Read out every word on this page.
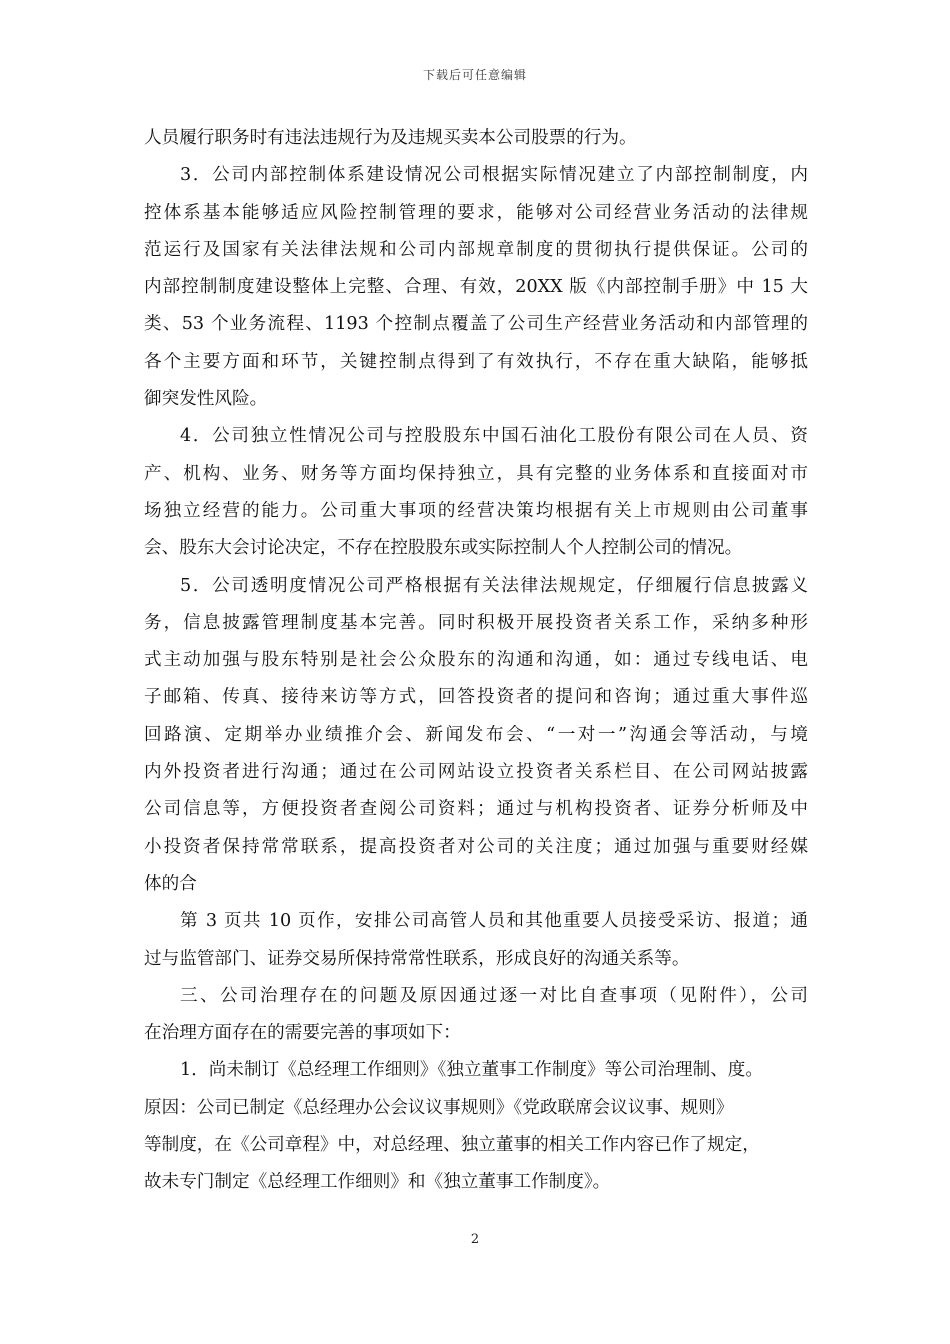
下载后可任意编辑
人员履行职务时有违法违规行为及违规买卖本公司股票的行为。
3．公司内部控制体系建设情况公司根据实际情况建立了内部控制制度，内
控体系基本能够适应风险控制管理的要求，能够对公司经营业务活动的法律规
范运行及国家有关法律法规和公司内部规章制度的贯彻执行提供保证。公司的
内部控制制度建设整体上完整、合理、有效，20XX 版《内部控制手册》中 15 大
类、53 个业务流程、1193 个控制点覆盖了公司生产经营业务活动和内部管理的
各个主要方面和环节，关键控制点得到了有效执行，不存在重大缺陷，能够抵
御突发性风险。
4．公司独立性情况公司与控股股东中国石油化工股份有限公司在人员、资
产、机构、业务、财务等方面均保持独立，具有完整的业务体系和直接面对市
场独立经营的能力。公司重大事项的经营决策均根据有关上市规则由公司董事
会、股东大会讨论决定，不存在控股股东或实际控制人个人控制公司的情况。
5．公司透明度情况公司严格根据有关法律法规规定，仔细履行信息披露义
务，信息披露管理制度基本完善。同时积极开展投资者关系工作，采纳多种形
式主动加强与股东特别是社会公众股东的沟通和沟通，如：通过专线电话、电
子邮箱、传真、接待来访等方式，回答投资者的提问和咨询；通过重大事件巡
回路演、定期举办业绩推介会、新闻发布会、“一对一”沟通会等活动，与境
内外投资者进行沟通；通过在公司网站设立投资者关系栏目、在公司网站披露
公司信息等，方便投资者查阅公司资料；通过与机构投资者、证券分析师及中
小投资者保持常常联系，提高投资者对公司的关注度；通过加强与重要财经媒
体的合
第 3 页共 10 页作，安排公司高管人员和其他重要人员接受采访、报道；通
过与监管部门、证券交易所保持常常性联系，形成良好的沟通关系等。
三、公司治理存在的问题及原因通过逐一对比自查事项（见附件），公司
在治理方面存在的需要完善的事项如下：
1．尚未制订《总经理工作细则》《独立董事工作制度》等公司治理制、度。
原因：公司已制定《总经理办公会议议事规则》《党政联席会议议事、规则》
等制度，在《公司章程》中，对总经理、独立董事的相关工作内容已作了规定，
故未专门制定《总经理工作细则》和《独立董事工作制度》。
2
